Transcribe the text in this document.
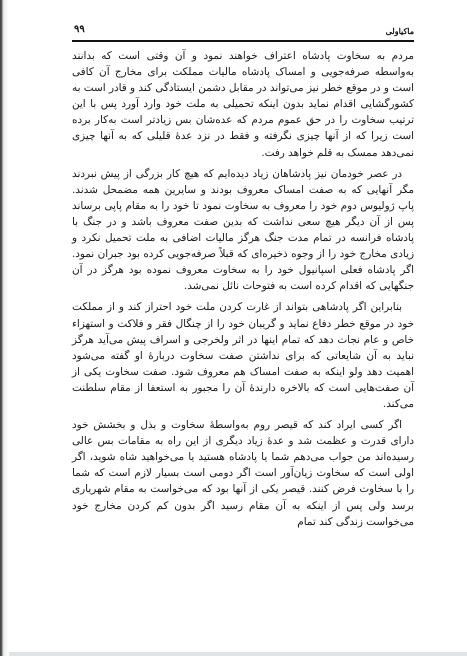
ماکیاولی
۹۹

مردم به سخاوت پادشاه اعتراف خواهند نمود و آن وقتی است که بدانند به‌واسطه صرفه‌جویی و امساک پادشاه مالیات مملکت برای مخارج آن کافی است و در موقع خطر نیز می‌تواند در مقابل دشمن ایستادگی کند و قادر است به کشورگشایی اقدام نماید بدون اینکه تحمیلی به ملت خود وارد آورد پس با این ترتیب سخاوت را در حق عموم مردم که عده‌شان بس زیادتر است به‌کار برده است زیرا که از آنها چیزی نگرفته و فقط در نزد عدهٔ قلیلی که به آنها چیزی نمی‌دهد ممسک به قلم خواهد رفت.

در عصر خودمان نیز پادشاهان زیاد دیده‌ایم که هیچ کار بزرگی از پیش نبردند مگر آنهایی که به صفت امساک معروف بودند و سایرین همه مضمحل شدند. پاپ ژولیوس دوم خود را معروف به سخاوت نمود تا خود را به مقام پاپی برساند پس از آن دیگر هیچ سعی نداشت که بدین صفت معروف باشد و در جنگ با پادشاه فرانسه در تمام مدت جنگ هرگز مالیات اضافی به ملت تحمیل نکرد و زیادی مخارج خود را از وجوه ذخیره‌ای که قبلاً صرفه‌جویی کرده بود جبران نمود. اگر پادشاه فعلی اسپانیول خود را به سخاوت معروف نموده بود هرگز در آن جنگهایی که اقدام کرده است به فتوحات نائل نمی‌شد.

بنابراین اگر پادشاهی بتواند از غارت کردن ملت خود احتراز کند و از مملکت خود در موقع خطر دفاع نماید و گریبان خود را از چنگال فقر و فلاکت و استهزاء خاص و عام نجات دهد که تمام اینها در اثر ولخرجی و اسراف پیش می‌آید هرگز نباید به آن شایعاتی که برای نداشتن صفت سخاوت دربارهٔ او گفته می‌شود اهمیت دهد ولو اینکه به صفت امساک هم معروف شود. صفت سخاوت یکی از آن صفت‌هایی است که بالاخره دارندهٔ آن را مجبور به استعفا از مقام سلطنت می‌کند.

اگر کسی ایراد کند که قیصر روم به‌واسطهٔ سخاوت و بذل و بخشش خود دارای قدرت و عظمت شد و عدهٔ زیاد دیگری از این راه به مقامات بس عالی رسیده‌اند من جواب می‌دهم شما یا پادشاه هستید یا می‌خواهید شاه شوید، اگر اولی است که سخاوت زیان‌آور است اگر دومی است بسیار لازم است که شما را با سخاوت فرض کنند. قیصر یکی از آنها بود که می‌خواست به مقام شهریاری برسد ولی پس از اینکه به آن مقام رسید اگر بدون کم کردن مخارج خود می‌خواست زندگی کند تمام
